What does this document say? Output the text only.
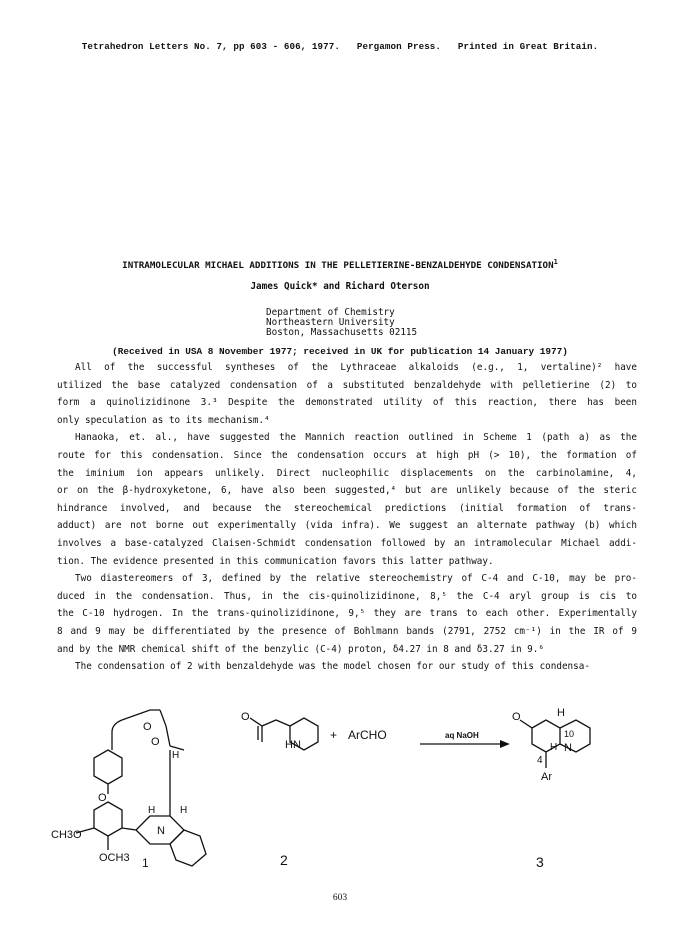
Tetrahedron Letters No. 7, pp 603 - 606, 1977.   Pergamon Press.   Printed in Great Britain.
INTRAMOLECULAR MICHAEL ADDITIONS IN THE PELLETIERINE-BENZALDEHYDE CONDENSATION$^1$
James Quick* and Richard Oterson
Department of Chemistry
Northeastern University
Boston, Massachusetts 02115
(Received in USA 8 November 1977; received in UK for publication 14 January 1977)
All of the successful syntheses of the Lythraceae alkaloids (e.g., 1, vertaline)² have
utilized the base catalyzed condensation of a substituted benzaldehyde with pelletierine (2) to
form a quinolizidinone 3.³ Despite the demonstrated utility of this reaction, there has been
only speculation as to its mechanism.⁴
Hanaoka, et. al., have suggested the Mannich reaction outlined in Scheme 1 (path a) as the
route for this condensation. Since the condensation occurs at high pH (> 10), the formation of
the iminium ion appears unlikely. Direct nucleophilic displacements on the carbinolamine, 4,
or on the β-hydroxyketone, 6, have also been suggested,⁴ but are unlikely because of the steric
hindrance involved, and because the stereochemical predictions (initial formation of trans-
adduct) are not borne out experimentally (vida infra). We suggest an alternate pathway (b) which
involves a base-catalyzed Claisen-Schmidt condensation followed by an intramolecular Michael addi-
tion. The evidence presented in this communication favors this latter pathway.
Two diastereomers of 3, defined by the relative stereochemistry of C-4 and C-10, may be pro-
duced in the condensation. Thus, in the cis-quinolizidinone, 8,⁵ the C-4 aryl group is cis to
the C-10 hydrogen. In the trans-quinolizidinone, 9,⁵ they are trans to each other. Experimentally
8 and 9 may be differentiated by the presence of Bohlmann bands (2791, 2752 cm⁻¹) in the IR of 9
and by the NMR chemical shift of the benzylic (C-4) proton, δ4.27 in 8 and δ3.27 in 9.⁶
The condensation of 2 with benzaldehyde was the model chosen for our study of this condensa-
O
O
O
H
H H
N
CH3O
OCH3 1
O
HN
+ ArCHO
2
aq NaOH
O	H
10
H N
4
Ar
3
603
